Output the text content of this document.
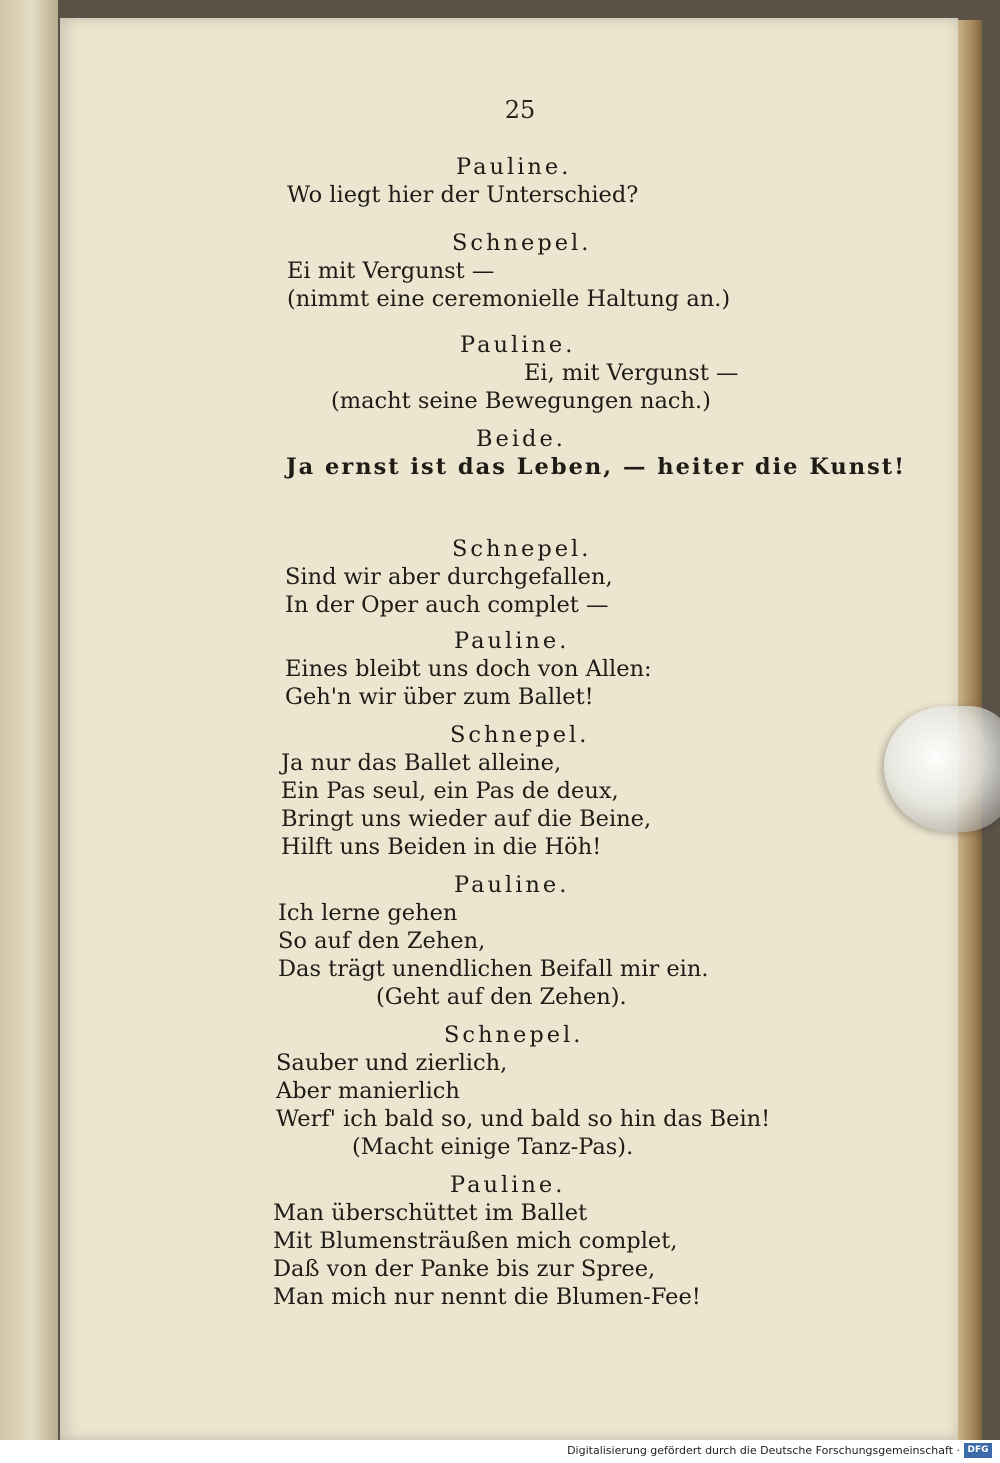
25
Pauline.
Wo liegt hier der Unterschied?
Schnepel.
Ei mit Vergunst —
(nimmt eine ceremonielle Haltung an.)
Pauline.
Ei, mit Vergunst —
(macht seine Bewegungen nach.)
Beide.
Ja ernst ist das Leben, — heiter die Kunst!
Schnepel.
Sind wir aber durchgefallen,
In der Oper auch complet —
Pauline.
Eines bleibt uns doch von Allen:
Geh'n wir über zum Ballet!
Schnepel.
Ja nur das Ballet alleine,
Ein Pas seul, ein Pas de deux,
Bringt uns wieder auf die Beine,
Hilft uns Beiden in die Höh!
Pauline.
Ich lerne gehen
So auf den Zehen,
Das trägt unendlichen Beifall mir ein.
(Geht auf den Zehen).
Schnepel.
Sauber und zierlich,
Aber manierlich
Werf' ich bald so, und bald so hin das Bein!
(Macht einige Tanz-Pas).
Pauline.
Man überschüttet im Ballet
Mit Blumensträußen mich complet,
Daß von der Panke bis zur Spree,
Man mich nur nennt die Blumen-Fee!
Digitalisierung gefördert durch die Deutsche Forschungsgemeinschaft · DFG
